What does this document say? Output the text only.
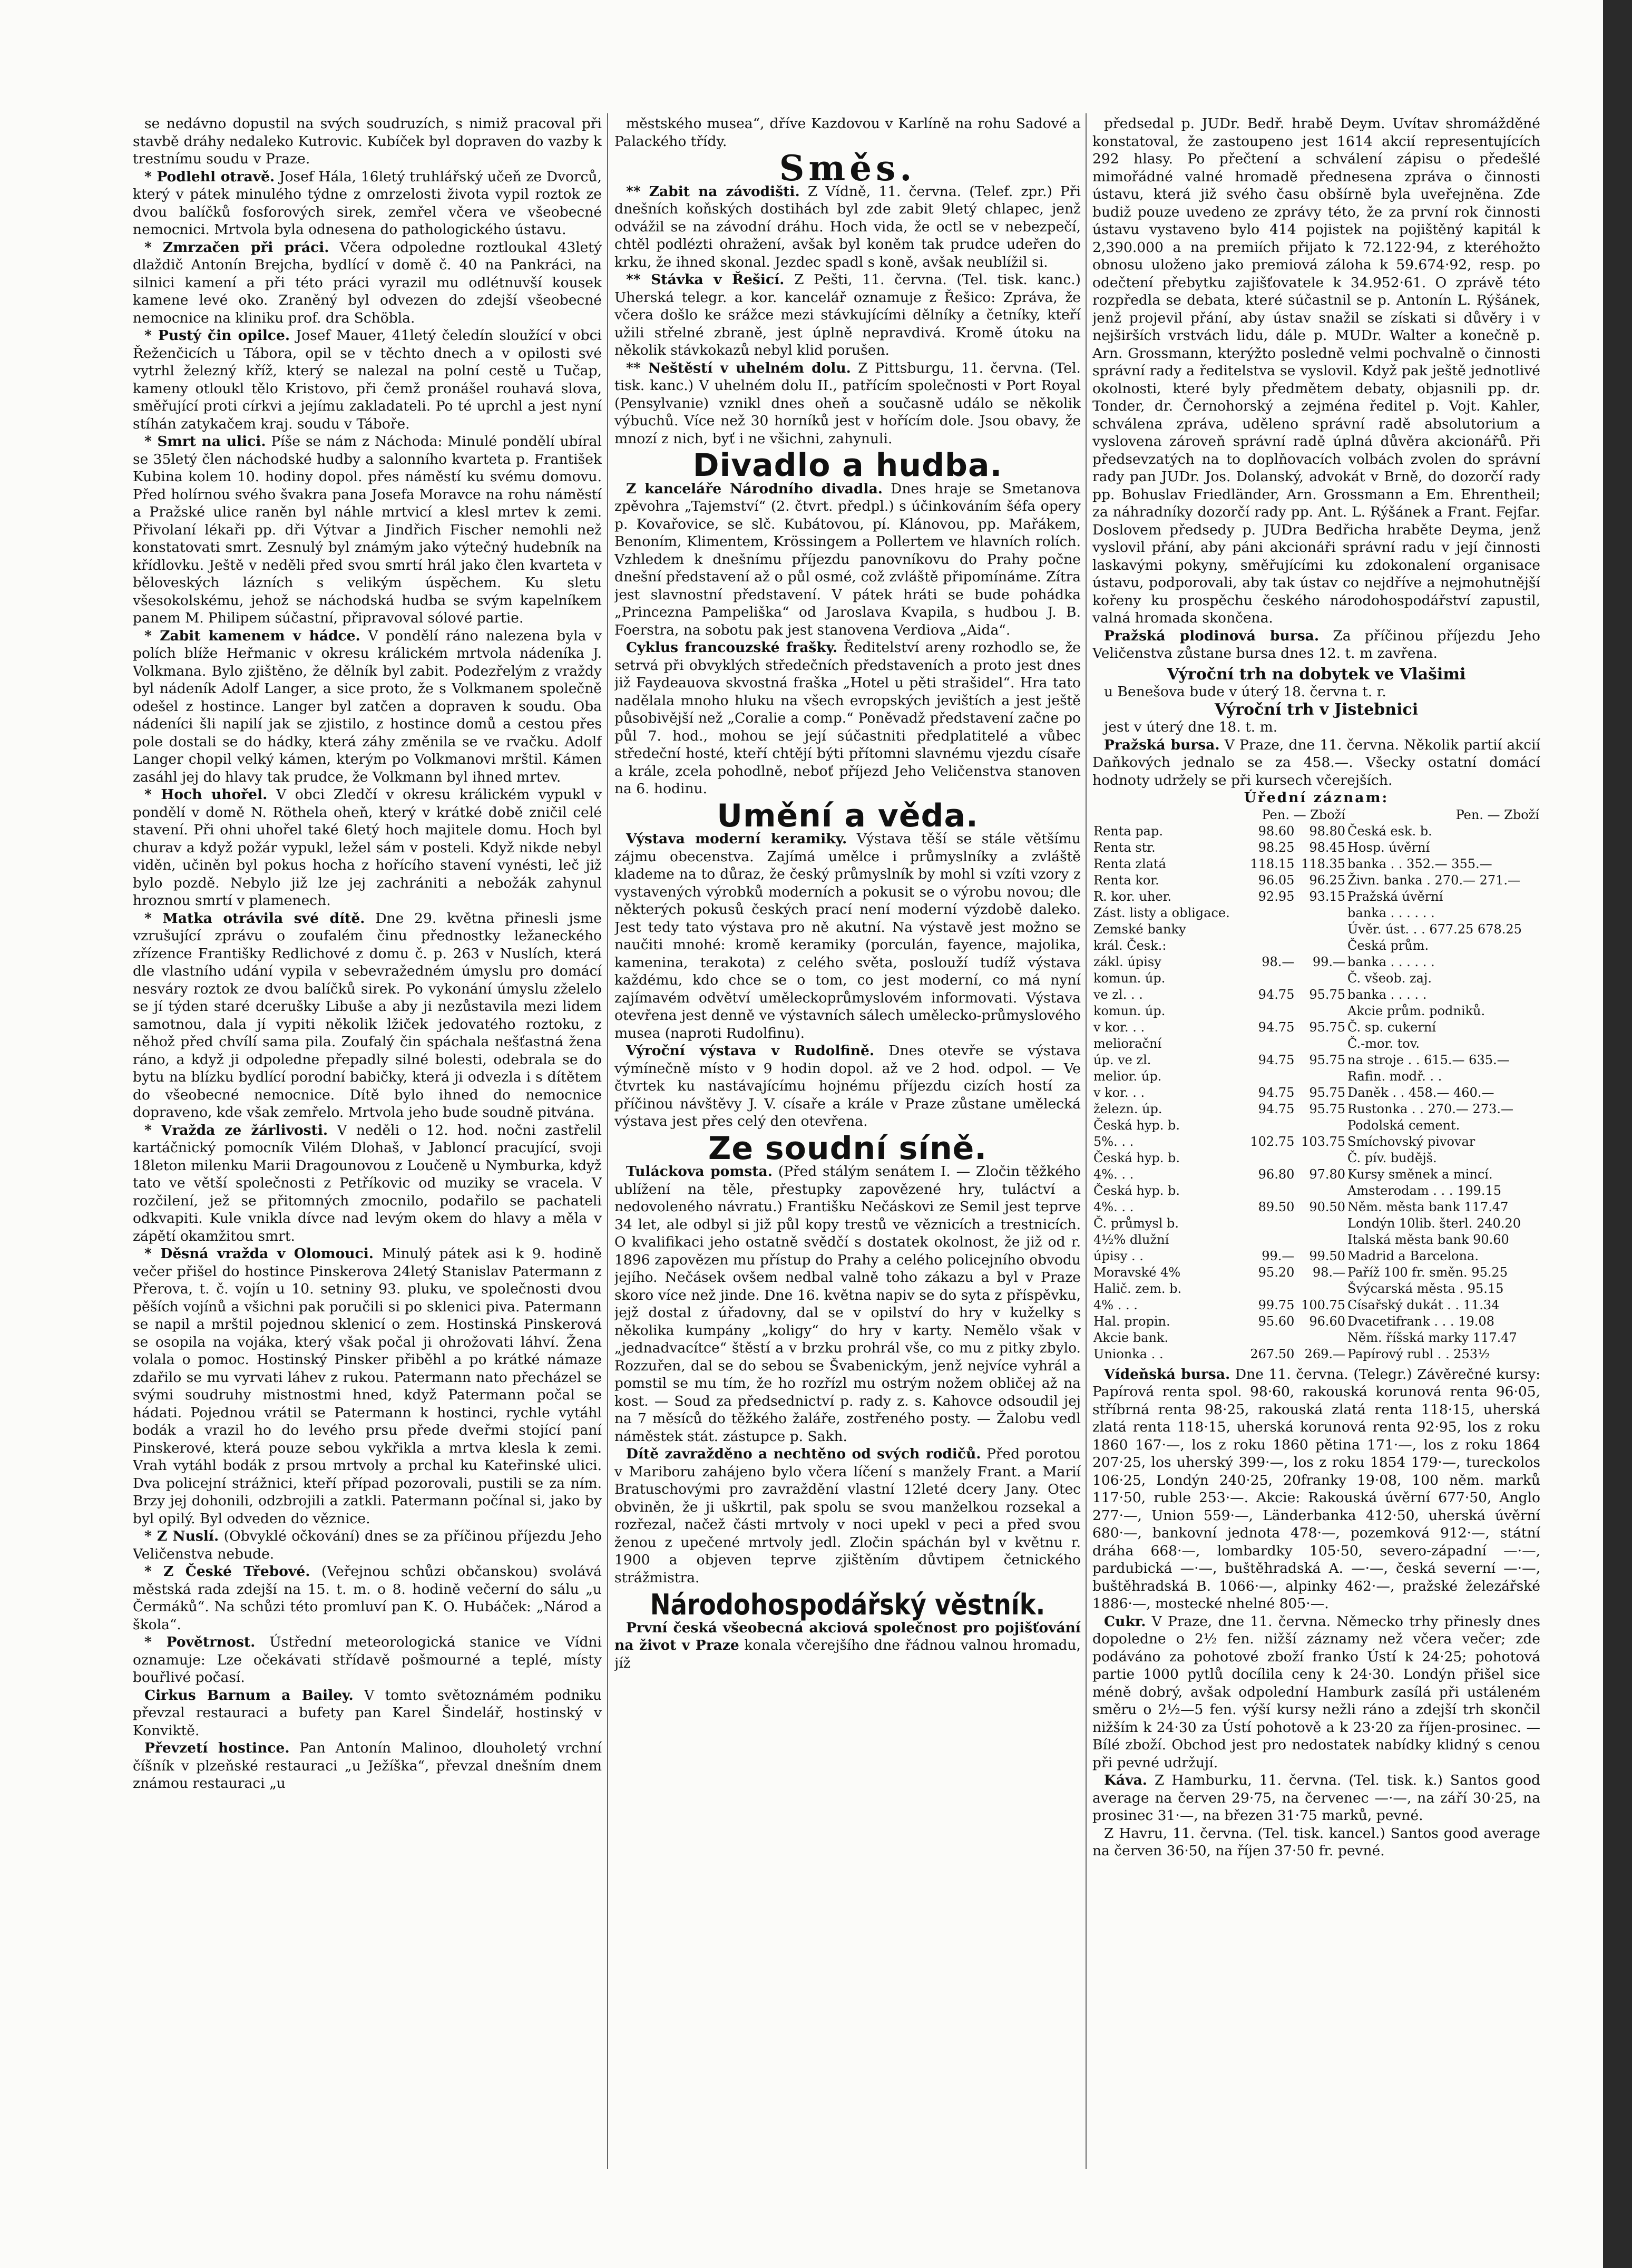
se nedávno dopustil na svých soudruzích, s nimiž pracoval při stavbě dráhy nedaleko Kutrovic. Kubíček byl dopraven do vazby k trestnímu soudu v Praze.

* Podlehl otravě. Josef Hála, 16letý truhlářský učeň ze Dvorců, který v pátek minulého týdne z omrzelosti života vypil roztok ze dvou balíčků fosforových sirek, zemřel včera ve všeobecné nemocnici. Mrtvola byla odnesena do pathologického ústavu.

* Zmrzačen při práci. Včera odpoledne roztloukal 43letý dlaždič Antonín Brejcha, bydlící v domě č. 40 na Pankráci, na silnici kamení a při této práci vyrazil mu odlétnuvší kousek kamene levé oko. Zraněný byl odvezen do zdejší všeobecné nemocnice na kliniku prof. dra Schöbla.

* Pustý čin opilce. Josef Mauer, 41letý čeledín sloužící v obci Řeženčicích u Tábora, opil se v těchto dnech a v opilosti své vytrhl železný kříž, který se nalezal na polní cestě u Tučap, kameny otloukl tělo Kristovo, při čemž pronášel rouhavá slova, směřující proti církvi a jejímu zakladateli. Po té uprchl a jest nyní stíhán zatykačem kraj. soudu v Táboře.

* Smrt na ulici. Píše se nám z Náchoda: Minulé pondělí ubíral se 35letý člen náchodské hudby a salonního kvarteta p. František Kubina kolem 10. hodiny dopol. přes náměstí ku svému domovu. Před holírnou svého švakra pana Josefa Moravce na rohu náměstí a Pražské ulice raněn byl náhle mrtvicí a klesl mrtev k zemi. Přivolaní lékaři pp. dři Výtvar a Jindřich Fischer nemohli než konstatovati smrt. Zesnulý byl známým jako výtečný hudebník na křídlovku. Ještě v neděli před svou smrtí hrál jako člen kvarteta v běloveských lázních s velikým úspěchem. Ku sletu všesokolskému, jehož se náchodská hudba se svým kapelníkem panem M. Philipem súčastní, připravoval sólové partie.

* Zabit kamenem v hádce. V pondělí ráno nalezena byla v polích blíže Heřmanic v okresu králickém mrtvola nádeníka J. Volkmana. Bylo zjištěno, že dělník byl zabit. Podezřelým z vraždy byl nádeník Adolf Langer, a sice proto, že s Volkmanem společně odešel z hostince. Langer byl zatčen a dopraven k soudu. Oba nádeníci šli napilí jak se zjistilo, z hostince domů a cestou přes pole dostali se do hádky, která záhy změnila se ve rvačku. Adolf Langer chopil velký kámen, kterým po Volkmanovi mrštil. Kámen zasáhl jej do hlavy tak prudce, že Volkmann byl ihned mrtev.

* Hoch uhořel. V obci Zledčí v okresu králickém vypukl v pondělí v domě N. Röthela oheň, který v krátké době zničil celé stavení. Při ohni uhořel také 6letý hoch majitele domu. Hoch byl churav a když požár vypukl, ležel sám v posteli. Když nikde nebyl viděn, učiněn byl pokus hocha z hořícího stavení vynésti, leč již bylo pozdě. Nebylo již lze jej zachrániti a nebožák zahynul hroznou smrtí v plamenech.

* Matka otrávila své dítě. Dne 29. května přinesli jsme vzrušující zprávu o zoufalém činu přednostky ležaneckého zřízence Františky Redlichové z domu č. p. 263 v Nuslích, která dle vlastního udání vypila v sebevražedném úmyslu pro domácí nesváry roztok ze dvou balíčků sirek. Po vykonání úmyslu zželelo se jí týden staré dcerušky Libuše a aby ji nezůstavila mezi lidem samotnou, dala jí vypiti několik lžiček jedovatého roztoku, z něhož před chvílí sama pila. Zoufalý čin spáchala nešťastná žena ráno, a když ji odpoledne přepadly silné bolesti, odebrala se do bytu na blízku bydlící porodní babičky, která ji odvezla i s dítětem do všeobecné nemocnice. Dítě bylo ihned do nemocnice dopraveno, kde však zemřelo. Mrtvola jeho bude soudně pitvána.

* Vražda ze žárlivosti. V neděli o 12. hod. nočni zastřelil kartáčnický pomocník Vilém Dlohaš, v Jabloncí pracující, svoji 18leton milenku Marii Dragounovou z Loučeně u Nymburka, když tato ve větší společnosti z Petříkovic od muziky se vracela. V rozčilení, jež se přitomných zmocnilo, podařilo se pachateli odkvapiti. Kule vnikla dívce nad levým okem do hlavy a měla v zápětí okamžitou smrt.

* Děsná vražda v Olomouci. Minulý pátek asi k 9. hodině večer přišel do hostince Pinskerova 24letý Stanislav Patermann z Přerova, t. č. vojín u 10. setniny 93. pluku, ve společnosti dvou pěších vojínů a všichni pak poručili si po sklenici piva. Patermann se napil a mrštil pojednou sklenicí o zem. Hostinská Pinskerová se osopila na vojáka, který však počal ji ohrožovati láhví. Žena volala o pomoc. Hostinský Pinsker přiběhl a po krátké námaze zdařilo se mu vyrvati láhev z rukou. Patermann nato přecházel se svými soudruhy mistnostmi hned, když Patermann počal se hádati. Pojednou vrátil se Patermann k hostinci, rychle vytáhl bodák a vrazil ho do levého prsu přede dveřmi stojící paní Pinskerové, která pouze sebou vykřikla a mrtva klesla k zemi. Vrah vytáhl bodák z prsou mrtvoly a prchal ku Kateřinské ulici. Dva policejní strážnici, kteří případ pozorovali, pustili se za ním. Brzy jej dohonili, odzbrojili a zatkli. Patermann počínal si, jako by byl opilý. Byl odveden do věznice.

* Z Nuslí. (Obvyklé očkování) dnes se za příčinou příjezdu Jeho Veličenstva nebude.

* Z České Třebové. (Veřejnou schůzi občanskou) svolává městská rada zdejší na 15. t. m. o 8. hodině večerní do sálu „u Čermáků“. Na schůzi této promluví pan K. O. Hubáček: „Národ a škola“.

* Povětrnost. Ústřední meteorologická stanice ve Vídni oznamuje: Lze očekávati střídavě pošmourné a teplé, místy bouřlivé počasí.

Cirkus Barnum a Bailey. V tomto světoznámém podniku převzal restauraci a bufety pan Karel Šindelář, hostinský v Konviktě.

Převzetí hostince. Pan Antonín Malinoo, dlouholetý vrchní číšník v plzeňské restauraci „u Ježíška“, převzal dnešním dnem známou restauraci „u

městského musea“, dříve Kazdovou v Karlíně na rohu Sadové a Palackého třídy.

Směs.

** Zabit na závodišti. Z Vídně, 11. června. (Telef. zpr.) Při dnešních koňských dostihách byl zde zabit 9letý chlapec, jenž odvážil se na závodní dráhu. Hoch vida, že octl se v nebezpečí, chtěl podlézti ohražení, avšak byl koněm tak prudce udeřen do krku, že ihned skonal. Jezdec spadl s koně, avšak neublížil si.

** Stávka v Řešicí. Z Pešti, 11. června. (Tel. tisk. kanc.) Uherská telegr. a kor. kancelář oznamuje z Řešico: Zpráva, že včera došlo ke srážce mezi stávkujícími dělníky a četníky, kteří užili střelné zbraně, jest úplně nepravdivá. Kromě útoku na několik stávkokazů nebyl klid porušen.

** Neštěstí v uhelném dolu. Z Pittsburgu, 11. června. (Tel. tisk. kanc.) V uhelném dolu II., patřícím společnosti v Port Royal (Pensylvanie) vznikl dnes oheň a současně událo se několik výbuchů. Více než 30 horníků jest v hořícím dole. Jsou obavy, že mnozí z nich, byť i ne všichni, zahynuli.

Divadlo a hudba.

Z kanceláře Národního divadla. Dnes hraje se Smetanova zpěvohra „Tajemství“ (2. čtvrt. předpl.) s účinkováním šéfa opery p. Kovařovice, se slč. Kubátovou, pí. Klánovou, pp. Mařákem, Benoním, Klimentem, Krössingem a Pollertem ve hlavních rolích. Vzhledem k dnešnímu příjezdu panovníkovu do Prahy počne dnešní představení až o půl osmé, což zvláště připomínáme. Zítra jest slavnostní představení. V pátek hráti se bude pohádka „Princezna Pampeliška“ od Jaroslava Kvapila, s hudbou J. B. Foerstra, na sobotu pak jest stanovena Verdiova „Aida“.

Cyklus francouzské frašky. Ředitelství areny rozhodlo se, že setrvá při obvyklých středečních představeních a proto jest dnes již Faydeauova skvostná fraška „Hotel u pěti strašidel“. Hra tato nadělala mnoho hluku na všech evropských jevištích a jest ještě působivější než „Coralie a comp.“ Poněvadž představení začne po půl 7. hod., mohou se její súčastniti předplatitelé a vůbec středeční hosté, kteří chtějí býti přítomni slavnému vjezdu císaře a krále, zcela pohodlně, neboť příjezd Jeho Veličenstva stanoven na 6. hodinu.

Umění a věda.

Výstava moderní keramiky. Výstava těší se stále většímu zájmu obecenstva. Zajímá umělce i průmyslníky a zvláště klademe na to důraz, že český průmyslník by mohl si vzíti vzory z vystavených výrobků moderních a pokusit se o výrobu novou; dle některých pokusů českých prací není moderní výzdobě daleko. Jest tedy tato výstava pro ně akutní. Na výstavě jest možno se naučiti mnohé: kromě keramiky (porculán, fayence, majolika, kamenina, terakota) z celého světa, poslouží tudíž výstava každému, kdo chce se o tom, co jest moderní, co má nyní zajímavém odvětví uměleckoprůmyslovém informovati. Výstava otevřena jest denně ve výstavních sálech umělecko-průmyslového musea (naproti Rudolfinu).

Výroční výstava v Rudolfině. Dnes otevře se výstava výmínečně místo v 9 hodin dopol. až ve 2 hod. odpol. — Ve čtvrtek ku nastávajícímu hojnému příjezdu cizích hostí za příčinou návštěvy J. V. císaře a krále v Praze zůstane umělecká výstava jest přes celý den otevřena.

Ze soudní síně.

Tuláckova pomsta. (Před stálým senátem I. — Zločin těžkého ublížení na těle, přestupky zapovězené hry, tuláctví a nedovoleného návratu.) Františku Nečáskovi ze Semil jest teprve 34 let, ale odbyl si již půl kopy trestů ve věznicích a trestnicích. O kvalifikaci jeho ostatně svědčí s dostatek okolnost, že již od r. 1896 zapovězen mu přístup do Prahy a celého policejního obvodu jejího. Nečásek ovšem nedbal valně toho zákazu a byl v Praze skoro více než jinde. Dne 16. května napiv se do syta z příspěvku, jejž dostal z úřadovny, dal se v opilství do hry v kuželky s několika kumpány „koligy“ do hry v karty. Nemělo však v „jednadvacítce“ štěstí a v brzku prohrál vše, co mu z pitky zbylo. Rozzuřen, dal se do sebou se Švabenickým, jenž nejvíce vyhrál a pomstil se mu tím, že ho rozřízl mu ostrým nožem obličej až na kost. — Soud za předsednictví p. rady z. s. Kahovce odsoudil jej na 7 měsíců do těžkého žaláře, zostřeného posty. — Žalobu vedl náměstek stát. zástupce p. Sakh.

Dítě zavražděno a nechtěno od svých rodičů. Před porotou v Mariboru zahájeno bylo včera líčení s manžely Frant. a Marií Bratuschovými pro zavraždění vlastní 12leté dcery Jany. Otec obviněn, že ji uškrtil, pak spolu se svou manželkou rozsekal a rozřezal, načež části mrtvoly v noci upekl v peci a před svou ženou z upečené mrtvoly jedl. Zločin spáchán byl v květnu r. 1900 a objeven teprve zjištěním důvtipem četnického strážmistra.

Národohospodářský věstník.

První česká všeobecná akciová společnost pro pojišťování na život v Praze konala včerejšího dne řádnou valnou hromadu, jíž

předsedal p. JUDr. Bedř. hrabě Deym. Uvítav shromážděné konstatoval, že zastoupeno jest 1614 akcií representujících 292 hlasy. Po přečtení a schválení zápisu o předešlé mimořádné valné hromadě přednesena zpráva o činnosti ústavu, která již svého času obšírně byla uveřejněna. Zde budiž pouze uvedeno ze zprávy této, že za první rok činnosti ústavu vystaveno bylo 414 pojistek na pojištěný kapitál k 2,390.000 a na premiích přijato k 72.122·94, z kteréhožto obnosu uloženo jako premiová záloha k 59.674·92, resp. po odečtení přebytku zajišťovatele k 34.952·61. O zprávě této rozpředla se debata, které súčastnil se p. Antonín L. Rýšánek, jenž projevil přání, aby ústav snažil se získati si důvěry i v nejširších vrstvách lidu, dále p. MUDr. Walter a konečně p. Arn. Grossmann, kterýžto posledně velmi pochvalně o činnosti správní rady a ředitelstva se vyslovil. Když pak ještě jednotlivé okolnosti, které byly předmětem debaty, objasnili pp. dr. Tonder, dr. Černohorský a zejména ředitel p. Vojt. Kahler, schválena zpráva, uděleno správní radě absolutorium a vyslovena zároveň správní radě úplná důvěra akcionářů. Při předsevzatých na to doplňovacích volbách zvolen do správní rady pan JUDr. Jos. Dolanský, advokát v Brně, do dozorčí rady pp. Bohuslav Friedländer, Arn. Grossmann a Em. Ehrentheil; za náhradníky dozorčí rady pp. Ant. L. Rýšánek a Frant. Fejfar. Doslovem předsedy p. JUDra Bedřicha hraběte Deyma, jenž vyslovil přání, aby páni akcionáři správní radu v její činnosti laskavými pokyny, směřujícími ku zdokonalení organisace ústavu, podporovali, aby tak ústav co nejdříve a nejmohutnější kořeny ku prospěchu českého národohospodářství zapustil, valná hromada skončena.

Pražská plodinová bursa. Za příčinou příjezdu Jeho Veličenstva zůstane bursa dnes 12. t. m zavřena.

Výroční trh na dobytek ve Vlašimi

u Benešova bude v úterý 18. června t. r.

Výroční trh v Jistebnici

jest v úterý dne 18. t. m.

Pražská bursa. V Praze, dne 11. června. Několik partií akcií Daňkových jednalo se za 458.—. Všecky ostatní domácí hodnoty udržely se při kursech včerejších.

Úřední záznam:

	Pen. — Zboží		Pen. — Zboží
Renta pap.	98.60	98.80	Česká esk. b.
Renta str.	98.25	98.45	Hosp. úvěrní
Renta zlatá	118.15	118.35	banka . . 352.— 355.—
Renta kor.	96.05	96.25	Živn. banka . 270.— 271.—
R. kor. uher.	92.95	93.15	Pražská úvěrní
Zást. listy a obligace.			banka . . . . . .
Zemské banky			Úvěr. úst. . . 677.25 678.25
král. Česk.:			Česká prům.
zákl. úpisy	98.—	99.—	banka . . . . . .
komun. úp.			Č. všeob. zaj.
ve zl. . .	94.75	95.75	banka . . . . .
komun. úp.			Akcie prům. podniků.
v kor. . .	94.75	95.75	Č. sp. cukerní
meliorační			Č.-mor. tov.
úp. ve zl.	94.75	95.75	na stroje . . 615.— 635.—
melior. úp.			Rafin. modř. . .
v kor. . .	94.75	95.75	Daněk . . 458.— 460.—
železn. úp.	94.75	95.75	Rustonka . . 270.— 273.—
Česká hyp. b.			Podolská cement.
5%. . .	102.75	103.75	Smíchovský pivovar
Česká hyp. b.			Č. pív. budějš.
4%. . .	96.80	97.80	Kursy směnek a mincí.
Česká hyp. b.			Amsterodam . . . 199.15
4%. . .	89.50	90.50	Něm. města bank 117.47
Č. průmysl b.			Londýn 10lib. šterl. 240.20
4½% dlužní			Italská města bank 90.60
úpisy . .	99.—	99.50	Madrid a Barcelona.
Moravské 4%	95.20	98.—	Paříž 100 fr. směn. 95.25
Halič. zem. b.			Švýcarská města . 95.15
4% . . .	99.75	100.75	Císařský dukát . . 11.34
Hal. propin.	95.60	96.60	Dvacetifrank . . . 19.08
Akcie bank.			Něm. říšská marky 117.47
Unionka . .	267.50	269.—	Papírový rubl . . 253½

Vídeňská bursa. Dne 11. června. (Telegr.) Závěrečné kursy: Papírová renta spol. 98·60, rakouská korunová renta 96·05, stříbrná renta 98·25, rakouská zlatá renta 118·15, uherská zlatá renta 118·15, uherská korunová renta 92·95, los z roku 1860 167·—, los z roku 1860 pětina 171·—, los z roku 1864 207·25, los uherský 399·—, los z roku 1854 179·—, tureckolos 106·25, Londýn 240·25, 20franky 19·08, 100 něm. marků 117·50, ruble 253·—. Akcie: Rakouská úvěrní 677·50, Anglo 277·—, Union 559·—, Länderbanka 412·50, uherská úvěrní 680·—, bankovní jednota 478·—, pozemková 912·—, státní dráha 668·—, lombardky 105·50, severo-západní —·—, pardubická —·—, buštěhradská A. —·—, česká severní —·—, buštěhradská B. 1066·—, alpinky 462·—, pražské železářské 1886·—, mostecké nhelné 805·—.

Cukr. V Praze, dne 11. června. Německo trhy přinesly dnes dopoledne o 2½ fen. nižší záznamy než včera večer; zde podáváno za pohotové zboží franko Ústí k 24·25; pohotová partie 1000 pytlů docílila ceny k 24·30. Londýn přišel sice méně dobrý, avšak odpolední Hamburk zasílá při ustáleném směru o 2½—5 fen. výší kursy nežli ráno a zdejší trh skončil nižším k 24·30 za Ústí pohotově a k 23·20 za říjen-prosinec. — Bílé zboží. Obchod jest pro nedostatek nabídky klidný s cenou při pevné udržují.

Káva. Z Hamburku, 11. června. (Tel. tisk. k.) Santos good average na červen 29·75, na červenec —·—, na září 30·25, na prosinec 31·—, na březen 31·75 marků, pevné.

Z Havru, 11. června. (Tel. tisk. kancel.) Santos good average na červen 36·50, na říjen 37·50 fr. pevné.
